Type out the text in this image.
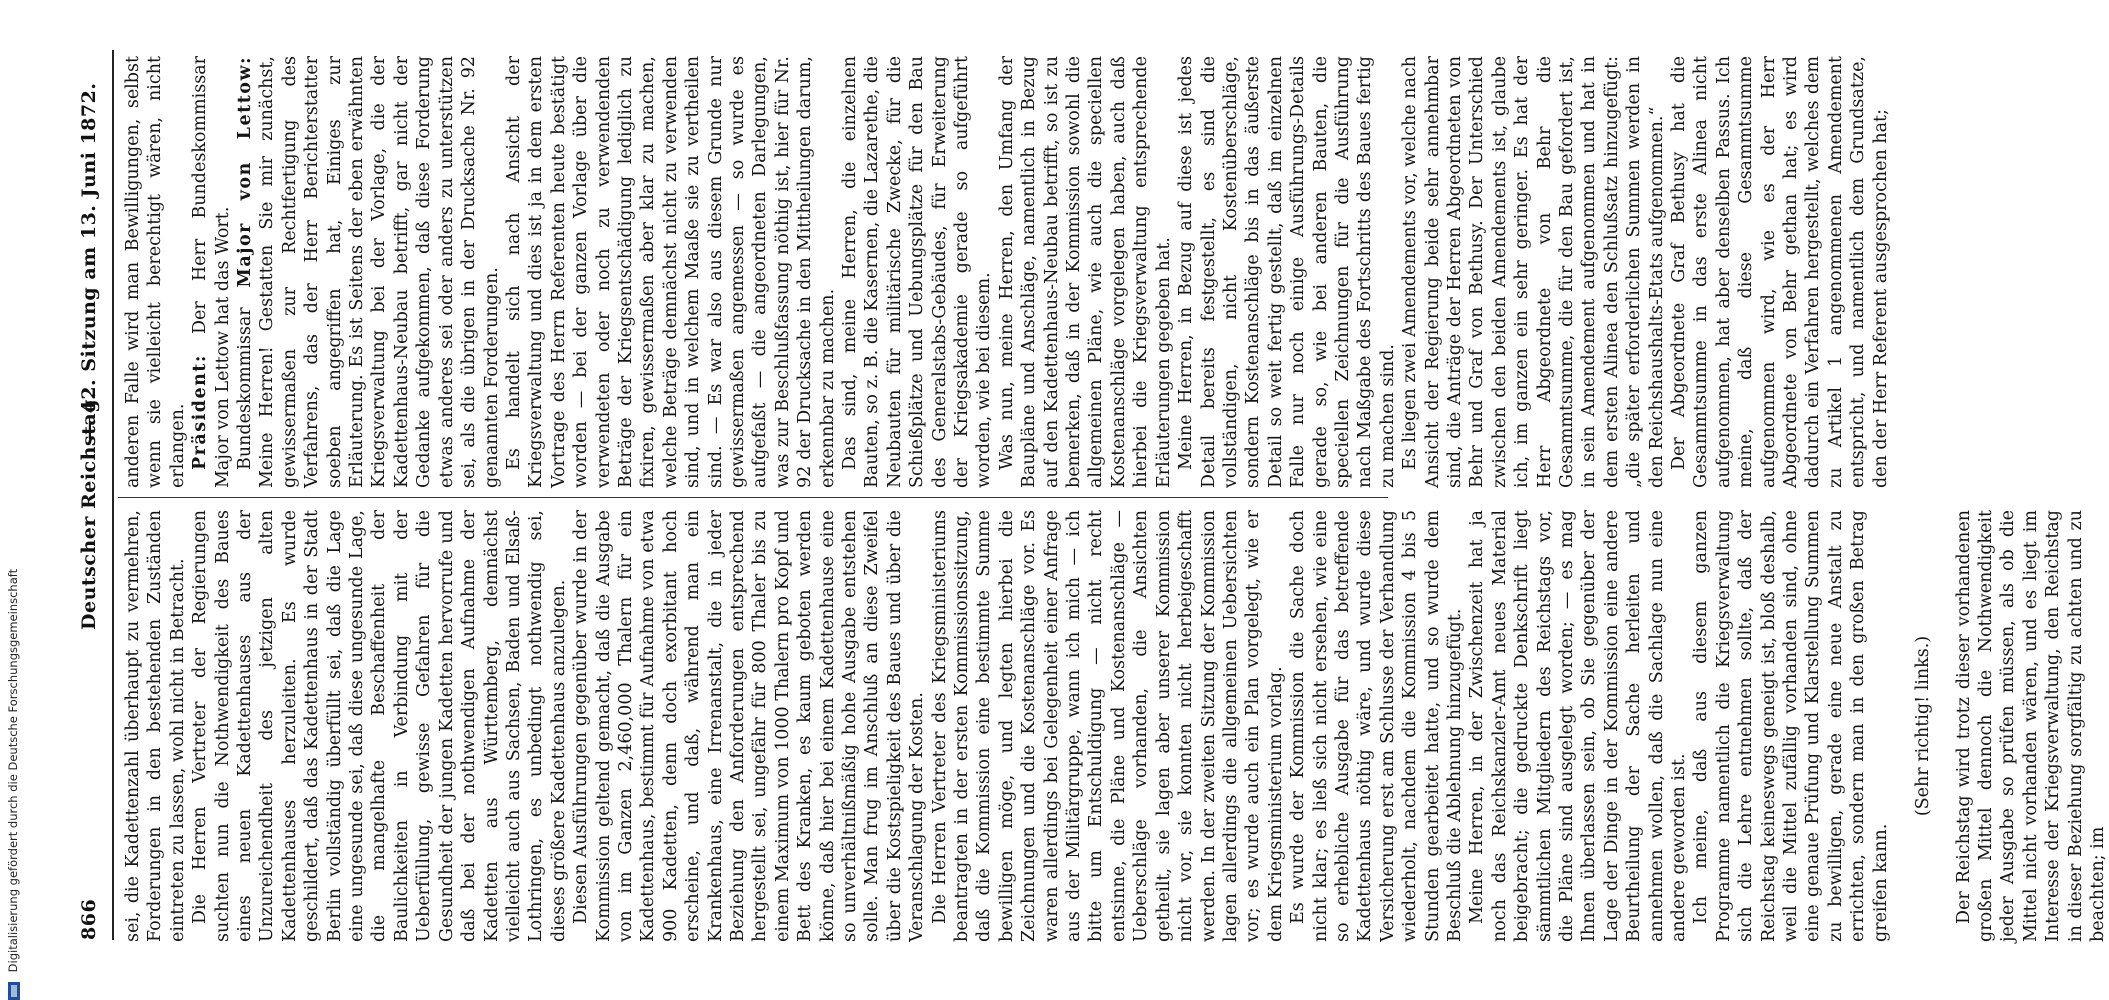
866
Deutscher Reichstag.
— 42. Sitzung am 13. Juni 1872.

sei, die Kadettenzahl überhaupt zu vermehren, Forderungen in den bestehenden Zuständen eintreten zu lassen, wohl nicht in Betracht. Die Herren Vertreter der Regierungen suchten nun die Nothwendigkeit des Baues eines neuen Kadettenhauses aus der Unzureichendheit des jetzigen alten Kadettenhauses herzuleiten. Es wurde geschildert, daß das Kadettenhaus in der Stadt Berlin vollständig überfüllt sei, daß die Lage eine ungesunde sei, daß diese ungesunde Lage, die mangelhafte Beschaffenheit der Baulichkeiten in Verbindung mit der Ueberfüllung, gewisse Gefahren für die Gesundheit der jungen Kadetten hervorrufe und daß bei der nothwendigen Aufnahme der Kadetten aus Württemberg, demnächst vielleicht auch aus Sachsen, Baden und Elsaß-Lothringen, es unbedingt nothwendig sei, dieses größere Kadettenhaus anzulegen. Diesen Ausführungen gegenüber wurde in der Kommission geltend gemacht, daß die Ausgabe von im Ganzen 2,460,000 Thalern für ein Kadettenhaus, bestimmt für Aufnahme von etwa 900 Kadetten, denn doch exorbitant hoch erscheine, und daß, während man ein Krankenhaus, eine Irrenanstalt, die in jeder Beziehung den Anforderungen entsprechend hergestellt sei, ungefähr für 800 Thaler bis zu einem Maximum von 1000 Thalern pro Kopf und Bett des Kranken, es kaum geboten werden könne, daß hier bei einem Kadettenhause eine so unverhältnißmäßig hohe Ausgabe entstehen solle. Man frug im Anschluß an diese Zweifel über die Kostspieligkeit des Baues und über die Veranschlagung der Kosten. Die Herren Vertreter des Kriegsministeriums beantragten in der ersten Kommissionssitzung, daß die Kommission eine bestimmte Summe bewilligen möge, und legten hierbei die Zeichnungen und die Kostenanschläge vor. Es waren allerdings bei Gelegenheit einer Anfrage aus der Militärgruppe, wann ich mich — ich bitte um Entschuldigung — nicht recht entsinne, die Pläne und Kostenanschläge — Ueberschläge vorhanden, die Ansichten getheilt, sie lagen aber unserer Kommission nicht vor, sie konnten nicht herbeigeschafft werden. In der zweiten Sitzung der Kommission lagen allerdings die allgemeinen Uebersichten vor; es wurde auch ein Plan vorgelegt, wie er dem Kriegsministerium vorlag. Es wurde der Kommission die Sache doch nicht klar; es ließ sich nicht ersehen, wie eine so erhebliche Ausgabe für das betreffende Kadettenhaus nöthig wäre, und wurde diese Versicherung erst am Schlusse der Verhandlung wiederholt, nachdem die Kommission 4 bis 5 Stunden gearbeitet hatte, und so wurde dem Beschluß die Ablehnung hinzugefügt. Meine Herren, in der Zwischenzeit hat ja noch das Reichskanzler-Amt neues Material beigebracht; die gedruckte Denkschrift liegt sämmtlichen Mitgliedern des Reichstags vor, die Pläne sind ausgelegt worden; — es mag Ihnen überlassen sein, ob Sie gegenüber der Lage der Dinge in der Kommission eine andere Beurtheilung der Sache herleiten und annehmen wollen, daß die Sachlage nun eine andere geworden ist. Ich meine, daß aus diesem ganzen Programme namentlich die Kriegsverwaltung sich die Lehre entnehmen sollte, daß der Reichstag keineswegs geneigt ist, bloß deshalb, weil die Mittel zufällig vorhanden sind, ohne eine genaue Prüfung und Klarstellung Summen zu bewilligen, gerade eine neue Anstalt zu errichten, sondern man in den großen Betrag greifen kann.

(Sehr richtig! links.) Der Reichstag wird trotz dieser vorhandenen großen Mittel dennoch die Nothwendigkeit jeder Ausgabe so prüfen müssen, als ob die Mittel nicht vorhanden wären, und es liegt im Interesse der Kriegsverwaltung, den Reichstag in dieser Beziehung sorgfältig zu achten und zu beachten; im

anderen Falle wird man Bewilligungen, selbst wenn sie vielleicht berechtigt wären, nicht erlangen. Präsident: Der Herr Bundeskommissar Major von Lettow hat das Wort. Bundeskommissar Major von Lettow: Meine Herren! Gestatten Sie mir zunächst, gewissermaßen zur Rechtfertigung des Verfahrens, das der Herr Berichterstatter soeben angegriffen hat, Einiges zur Erläuterung. Es ist Seitens der eben erwähnten Kriegsverwaltung bei der Vorlage, die der Kadettenhaus-Neubau betrifft, gar nicht der Gedanke aufgekommen, daß diese Forderung etwas anderes sei oder anders zu unterstützen sei, als die übrigen in der Drucksache Nr. 92 genannten Forderungen. Es handelt sich nach Ansicht der Kriegsverwaltung und dies ist ja in dem ersten Vortrage des Herrn Referenten heute bestätigt worden — bei der ganzen Vorlage über die verwendeten oder noch zu verwendenden Beträge der Kriegsentschädigung lediglich zu fixiren, gewissermaßen aber klar zu machen, welche Beträge demnächst nicht zu verwenden sind, und in welchem Maaße sie zu vertheilen sind. — Es war also aus diesem Grunde nur gewissermaßen angemessen — so wurde es aufgefaßt — die angeordneten Darlegungen, was zur Beschlußfassung nöthig ist, hier für Nr. 92 der Drucksache in den Mittheilungen darum, erkennbar zu machen. Das sind, meine Herren, die einzelnen Bauten, so z. B. die Kasernen, die Lazarethe, die Neubauten für militärische Zwecke, für die Schießplätze und Uebungsplätze für den Bau des Generalstabs-Gebäudes, für Erweiterung der Kriegsakademie gerade so aufgeführt worden, wie bei diesem. Was nun, meine Herren, den Umfang der Baupläne und Anschläge, namentlich in Bezug auf den Kadettenhaus-Neubau betrifft, so ist zu bemerken, daß in der Kommission sowohl die allgemeinen Pläne, wie auch die speciellen Kostenanschläge vorgelegen haben, auch daß hierbei die Kriegsverwaltung entsprechende Erläuterungen gegeben hat. Meine Herren, in Bezug auf diese ist jedes Detail bereits festgestellt, es sind die vollständigen, nicht Kostenüberschläge, sondern Kostenanschläge bis in das äußerste Detail so weit fertig gestellt, daß im einzelnen Falle nur noch einige Ausführungs-Details gerade so, wie bei anderen Bauten, die speciellen Zeichnungen für die Ausführung nach Maßgabe des Fortschritts des Baues fertig zu machen sind. Es liegen zwei Amendements vor, welche nach Ansicht der Regierung beide sehr annehmbar sind, die Anträge der Herren Abgeordneten von Behr und Graf von Bethusy. Der Unterschied zwischen den beiden Amendements ist, glaube ich, im ganzen ein sehr geringer. Es hat der Herr Abgeordnete von Behr die Gesammtsumme, die für den Bau gefordert ist, in sein Amendement aufgenommen und hat in dem ersten Alinea den Schlußsatz hinzugefügt: „die später erforderlichen Summen werden in den Reichshaushalts-Etats aufgenommen.“ Der Abgeordnete Graf Bethusy hat die Gesammtsumme in das erste Alinea nicht aufgenommen, hat aber denselben Passus. Ich meine, daß diese Gesammtsumme aufgenommen wird, wie es der Herr Abgeordnete von Behr gethan hat; es wird dadurch ein Verfahren hergestellt, welches dem zu Artikel 1 angenommenen Amendement entspricht, und namentlich dem Grundsatze, den der Herr Referent ausgesprochen hat;

Digitalisierung gefördert durch die Deutsche Forschungsgemeinschaft
